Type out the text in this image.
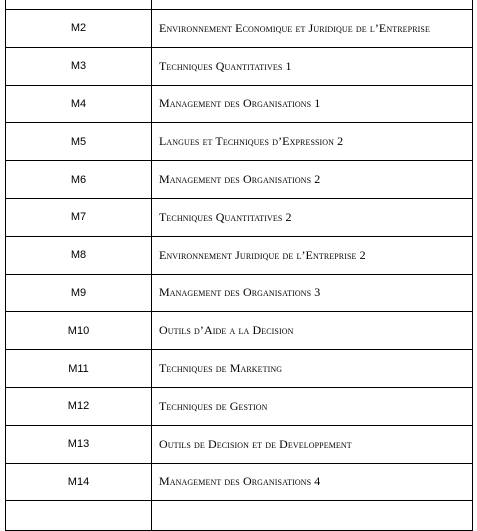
M2	Environnement Economique et Juridique de l’Entreprise
M3	Techniques Quantitatives 1
M4	Management des Organisations 1
M5	Langues et Techniques d’Expression 2
M6	Management des Organisations 2
M7	Techniques Quantitatives 2
M8	Environnement Juridique de l’Entreprise 2
M9	Management des Organisations 3
M10	Outils d’Aide a la Decision
M11	Techniques de Marketing
M12	Techniques de Gestion
M13	Outils de Decision et de Developpement
M14	Management des Organisations 4
